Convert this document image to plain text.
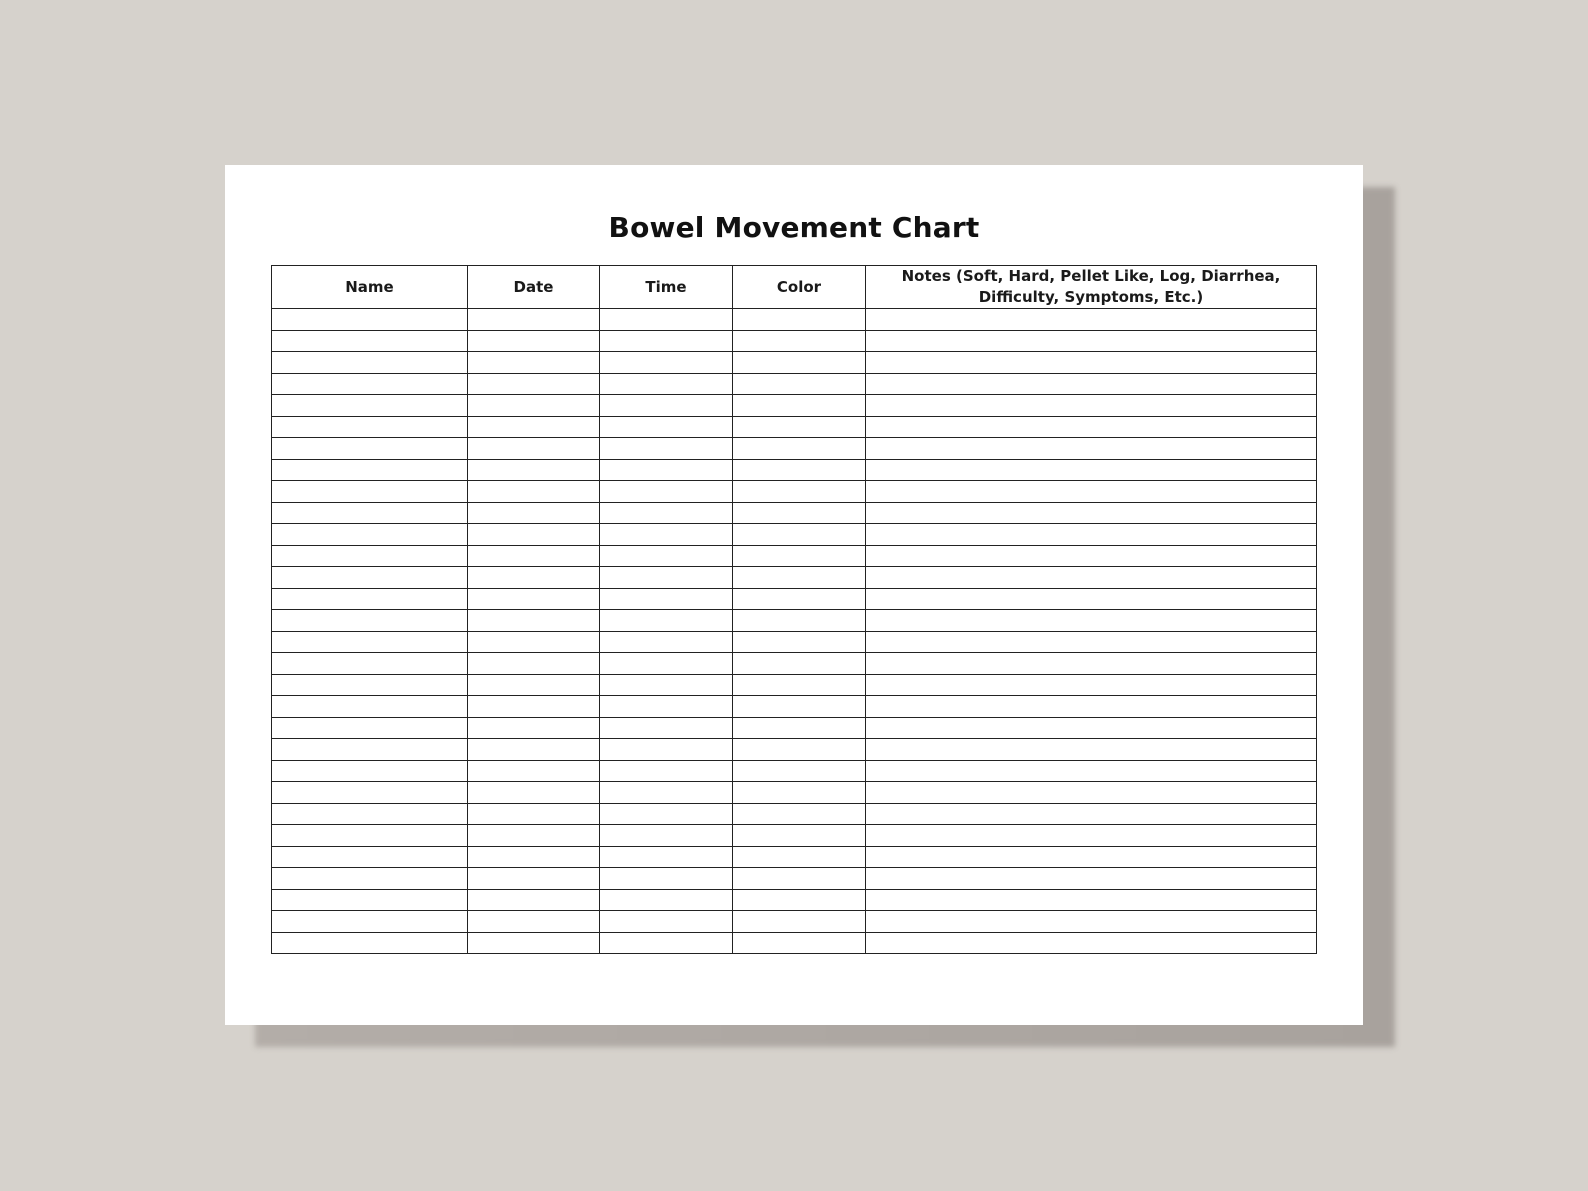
Bowel Movement Chart
Name	Date	Time	Color	Notes (Soft, Hard, Pellet Like, Log, Diarrhea, Difficulty, Symptoms, Etc.)
